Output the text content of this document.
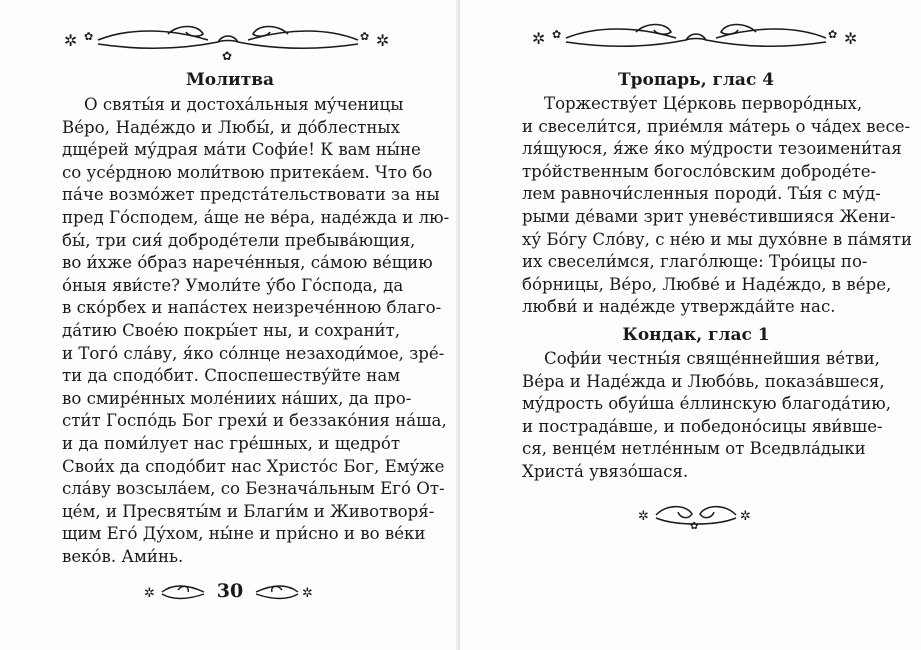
✲ ✿	✿ ✲
✿
Молитва
О святы́я и достоха́льныя му́ченицы
Ве́ро, Наде́ждо и Любы́, и до́блестных
дще́рей му́драя ма́ти Софи́е! К вам ны́не
со усе́рдною моли́твою притека́ем. Что бо
па́че возмо́жет предста́тельствовати за ны
пред Го́сподем, а́ще не ве́ра, наде́жда и лю-
бы́, три сия́ доброде́тели пребыва́ющия,
во и́хже о́браз нарече́нныя, са́мою ве́щию
о́ныя яви́сте? Умоли́те у́бо Го́спода, да
в ско́рбех и напа́стех неизрече́нною благо-
да́тию Свое́ю покры́ет ны, и сохрани́т,
и Того́ сла́ву, я́ко со́лнце незаходи́мое, зре́-
ти да сподо́бит. Споспешеству́йте нам
во смире́нных моле́ниих на́ших, да про-
сти́т Госпо́дь Бог грехи́ и беззако́ния на́ша,
и да поми́лует нас гре́шных, и щедро́т
Свои́х да сподо́бит нас Христо́с Бог, Ему́же
сла́ву возсыла́ем, со Безнача́льным Его́ От-
це́м, и Пресвяты́м и Благи́м и Животворя́-
щим Его́ Ду́хом, ны́не и при́сно и во ве́ки
веко́в. Ами́нь.
✲	30	✲
✲ ✿	✿ ✲
Тропарь, глас 4
Торжеству́ет Це́рковь первоpо́дных,
и свесели́тся, прие́мля ма́терь о ча́дех весе-
ля́щуюся, я́же я́ко му́дрости тезоимени́тая
тро́йственным богосло́вским доброде́те-
лем равночи́сленныя породи́. Ты́я с му́д-
рыми де́вами зрит уневе́стившияся Жени-
ху́ Бо́гу Сло́ву, с не́ю и мы духо́вне в па́мяти
их свесели́мся, глаго́люще: Тро́ицы по-
бо́рницы, Ве́ро, Любве́ и Наде́ждо, в ве́ре,
любви́ и наде́жде утвержда́йте нас.
Кондак, глас 1
Софи́и честны́я свяще́ннейшия ве́тви,
Ве́ра и Наде́жда и Любо́вь, показа́вшеся,
му́дрость обуи́ша е́ллинскую благода́тию,
и пострада́вше, и победоно́сицы яви́вше-
ся, венце́м нетле́нным от Вседвла́дыки
Христа́ увязо́шася.
✲	✲
✿
